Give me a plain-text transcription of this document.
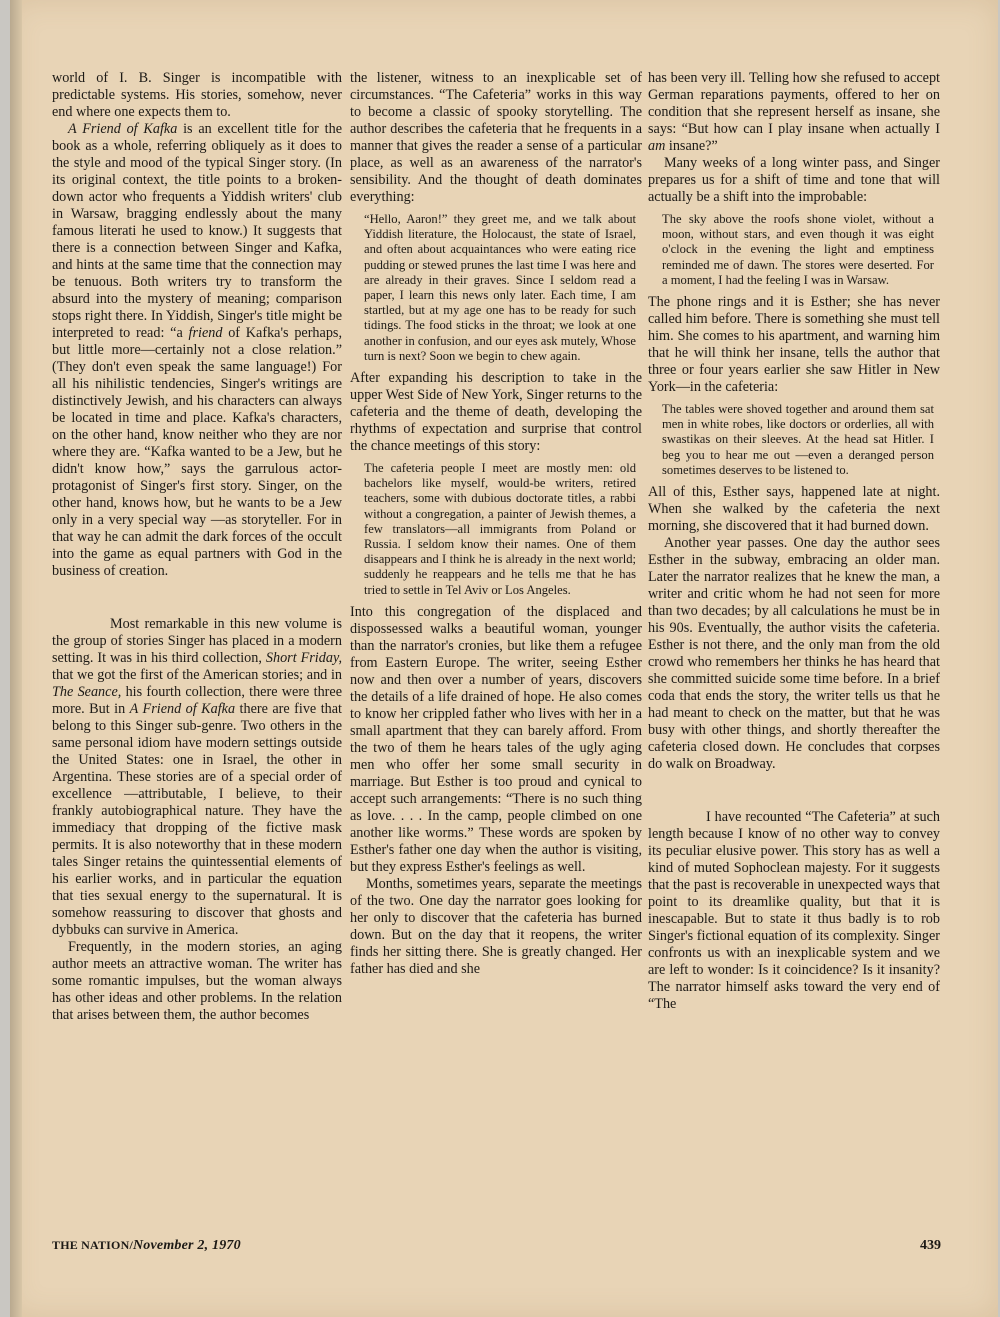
world of I. B. Singer is incompatible with predictable systems. His stories, somehow, never end where one expects them to.

A Friend of Kafka is an excellent title for the book as a whole, referring obliquely as it does to the style and mood of the typical Singer story. (In its original context, the title points to a broken-down actor who frequents a Yiddish writers' club in Warsaw, bragging endlessly about the many famous literati he used to know.) It suggests that there is a connection between Singer and Kafka, and hints at the same time that the connection may be tenuous. Both writers try to transform the absurd into the mystery of meaning; comparison stops right there. In Yiddish, Singer's title might be interpreted to read: “a friend of Kafka's perhaps, but little more—certainly not a close relation.” (They don't even speak the same language!) For all his nihilistic tendencies, Singer's writings are distinctively Jewish, and his characters can always be located in time and place. Kafka's characters, on the other hand, know neither who they are nor where they are. “Kafka wanted to be a Jew, but he didn't know how,” says the garrulous actor-protagonist of Singer's first story. Singer, on the other hand, knows how, but he wants to be a Jew only in a very special way —as storyteller. For in that way he can admit the dark forces of the occult into the game as equal partners with God in the business of creation.

Most remarkable in this new volume is the group of stories Singer has placed in a modern setting. It was in his third collection, Short Friday, that we got the first of the American stories; and in The Seance, his fourth collection, there were three more. But in A Friend of Kafka there are five that belong to this Singer sub-genre. Two others in the same personal idiom have modern settings outside the United States: one in Israel, the other in Argentina. These stories are of a special order of excellence —attributable, I believe, to their frankly autobiographical nature. They have the immediacy that dropping of the fictive mask permits. It is also noteworthy that in these modern tales Singer retains the quintessential elements of his earlier works, and in particular the equation that ties sexual energy to the supernatural. It is somehow reassuring to discover that ghosts and dybbuks can survive in America.

Frequently, in the modern stories, an aging author meets an attractive woman. The writer has some romantic impulses, but the woman always has other ideas and other problems. In the relation that arises between them, the author becomes

the listener, witness to an inexplicable set of circumstances. “The Cafeteria” works in this way to become a classic of spooky storytelling. The author describes the cafeteria that he frequents in a manner that gives the reader a sense of a particular place, as well as an awareness of the narrator's sensibility. And the thought of death dominates everything:

“Hello, Aaron!” they greet me, and we talk about Yiddish literature, the Holocaust, the state of Israel, and often about acquaintances who were eating rice pudding or stewed prunes the last time I was here and are already in their graves. Since I seldom read a paper, I learn this news only later. Each time, I am startled, but at my age one has to be ready for such tidings. The food sticks in the throat; we look at one another in confusion, and our eyes ask mutely, Whose turn is next? Soon we begin to chew again.

After expanding his description to take in the upper West Side of New York, Singer returns to the cafeteria and the theme of death, developing the rhythms of expectation and surprise that control the chance meetings of this story:

The cafeteria people I meet are mostly men: old bachelors like myself, would-be writers, retired teachers, some with dubious doctorate titles, a rabbi without a congregation, a painter of Jewish themes, a few translators—all immigrants from Poland or Russia. I seldom know their names. One of them disappears and I think he is already in the next world; suddenly he reappears and he tells me that he has tried to settle in Tel Aviv or Los Angeles.

Into this congregation of the displaced and dispossessed walks a beautiful woman, younger than the narrator's cronies, but like them a refugee from Eastern Europe. The writer, seeing Esther now and then over a number of years, discovers the details of a life drained of hope. He also comes to know her crippled father who lives with her in a small apartment that they can barely afford. From the two of them he hears tales of the ugly aging men who offer her some small security in marriage. But Esther is too proud and cynical to accept such arrangements: “There is no such thing as love. . . . In the camp, people climbed on one another like worms.” These words are spoken by Esther's father one day when the author is visiting, but they express Esther's feelings as well.

Months, sometimes years, separate the meetings of the two. One day the narrator goes looking for her only to discover that the cafeteria has burned down. But on the day that it reopens, the writer finds her sitting there. She is greatly changed. Her father has died and she

has been very ill. Telling how she refused to accept German reparations payments, offered to her on condition that she represent herself as insane, she says: “But how can I play insane when actually I am insane?”

Many weeks of a long winter pass, and Singer prepares us for a shift of time and tone that will actually be a shift into the improbable:

The sky above the roofs shone violet, without a moon, without stars, and even though it was eight o'clock in the evening the light and emptiness reminded me of dawn. The stores were deserted. For a moment, I had the feeling I was in Warsaw.

The phone rings and it is Esther; she has never called him before. There is something she must tell him. She comes to his apartment, and warning him that he will think her insane, tells the author that three or four years earlier she saw Hitler in New York—in the cafeteria:

The tables were shoved together and around them sat men in white robes, like doctors or orderlies, all with swastikas on their sleeves. At the head sat Hitler. I beg you to hear me out —even a deranged person sometimes deserves to be listened to.

All of this, Esther says, happened late at night. When she walked by the cafeteria the next morning, she discovered that it had burned down.

Another year passes. One day the author sees Esther in the subway, embracing an older man. Later the narrator realizes that he knew the man, a writer and critic whom he had not seen for more than two decades; by all calculations he must be in his 90s. Eventually, the author visits the cafeteria. Esther is not there, and the only man from the old crowd who remembers her thinks he has heard that she committed suicide some time before. In a brief coda that ends the story, the writer tells us that he had meant to check on the matter, but that he was busy with other things, and shortly thereafter the cafeteria closed down. He concludes that corpses do walk on Broadway.

I have recounted “The Cafeteria” at such length because I know of no other way to convey its peculiar elusive power. This story has as well a kind of muted Sophoclean majesty. For it suggests that the past is recoverable in unexpected ways that point to its dreamlike quality, but that it is inescapable. But to state it thus badly is to rob Singer's fictional equation of its complexity. Singer confronts us with an inexplicable system and we are left to wonder: Is it coincidence? Is it insanity? The narrator himself asks toward the very end of “The

THE NATION/November 2, 1970	439
